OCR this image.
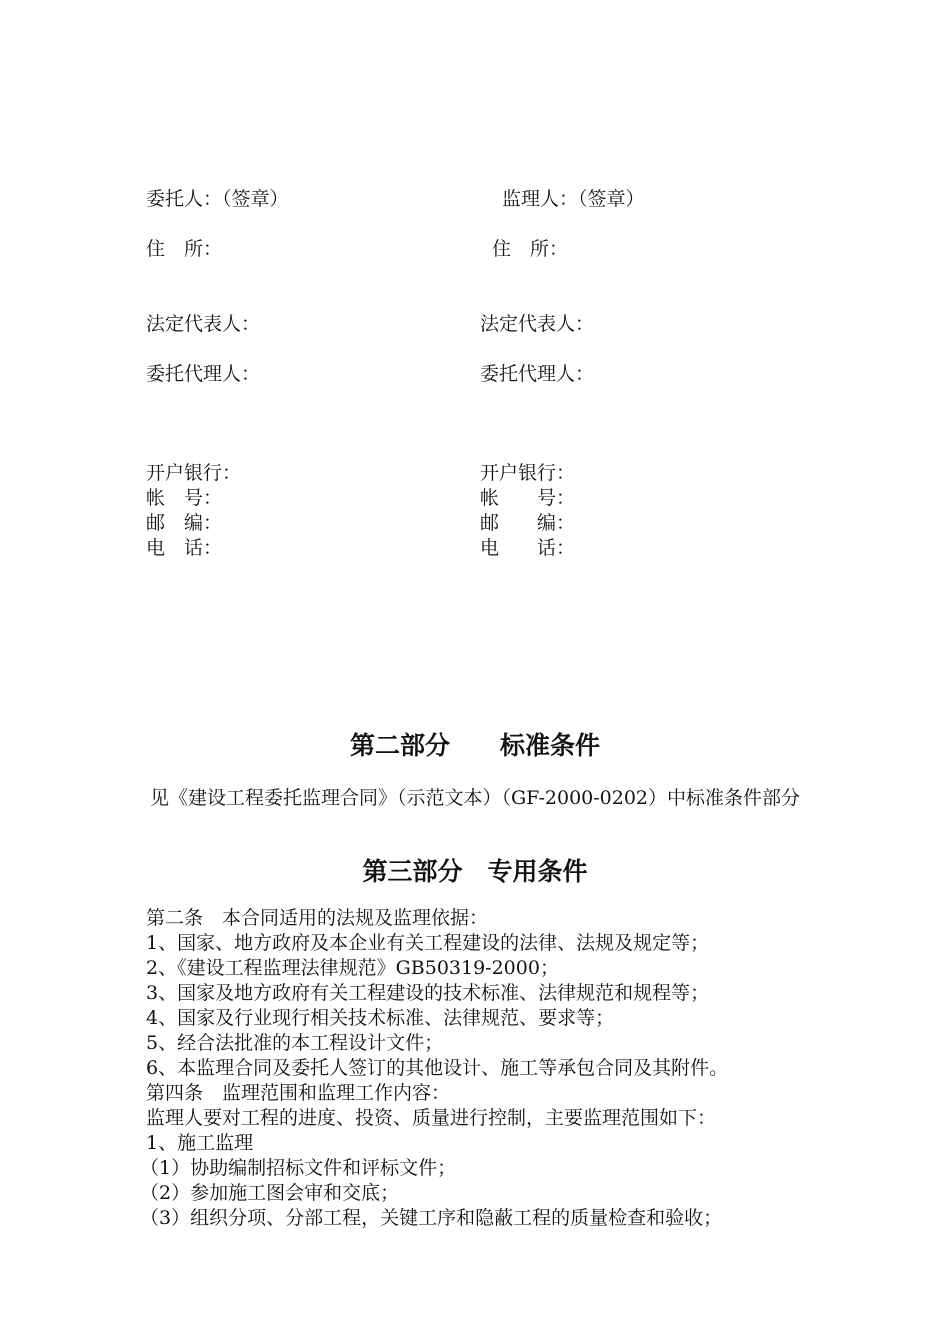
委托人：（签章）
住　所：
法定代表人：
委托代理人：
开户银行：
帐　号：
邮　编：
电　话：
监理人：（签章）
住　所：
法定代表人：
委托代理人：
开户银行：
帐　　号：
邮　　编：
电　　话：
第二部分　　标准条件
见《建设工程委托监理合同》（示范文本）（GF-2000-0202）中标准条件部分
第三部分　专用条件
第二条　本合同适用的法规及监理依据：
1、国家、地方政府及本企业有关工程建设的法律、法规及规定等；
2、《建设工程监理法律规范》GB50319-2000；
3、国家及地方政府有关工程建设的技术标准、法律规范和规程等；
4、国家及行业现行相关技术标准、法律规范、要求等；
5、经合法批准的本工程设计文件；
6、本监理合同及委托人签订的其他设计、施工等承包合同及其附件。
第四条　监理范围和监理工作内容：
监理人要对工程的进度、投资、质量进行控制，主要监理范围如下：
1、施工监理
（1）协助编制招标文件和评标文件；
（2）参加施工图会审和交底；
（3）组织分项、分部工程，关键工序和隐蔽工程的质量检查和验收；
